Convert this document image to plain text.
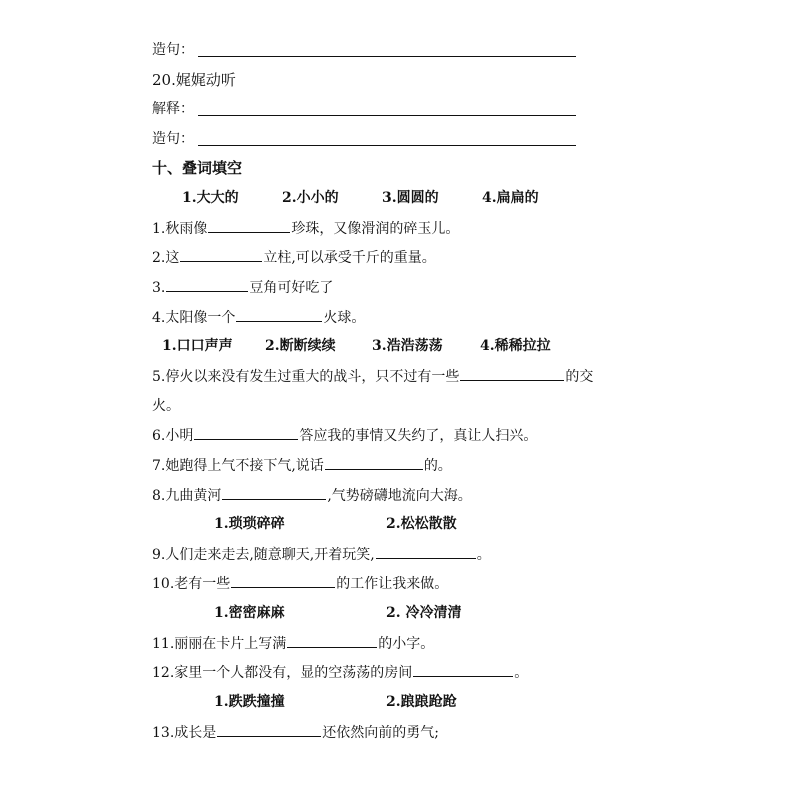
造句：
20.娓娓动听
解释：
造句：
十、叠词填空
1.大大的	2.小小的	3.圆圆的	4.扁扁的
1.秋雨像	珍珠，又像滑润的碎玉儿。
2.这	立柱,可以承受千斤的重量。
3.	豆角可好吃了
4.太阳像一个	火球。
1.口口声声 2.断断续续	3.浩浩荡荡	4.稀稀拉拉
5.停火以来没有发生过重大的战斗，只不过有一些	的交
火。
6.小明	答应我的事情又失约了，真让人扫兴。
7.她跑得上气不接下气,说话	的。
8.九曲黄河	,气势磅礴地流向大海。
1.琐琐碎碎	2.松松散散
9.人们走来走去,随意聊天,开着玩笑,	。
10.老有一些	的工作让我来做。
1.密密麻麻	2. 冷冷清清
11.丽丽在卡片上写满	的小字。
12.家里一个人都没有，显的空荡荡的房间	。
1.跌跌撞撞	2.踉踉跄跄
13.成长是	还依然向前的勇气;
